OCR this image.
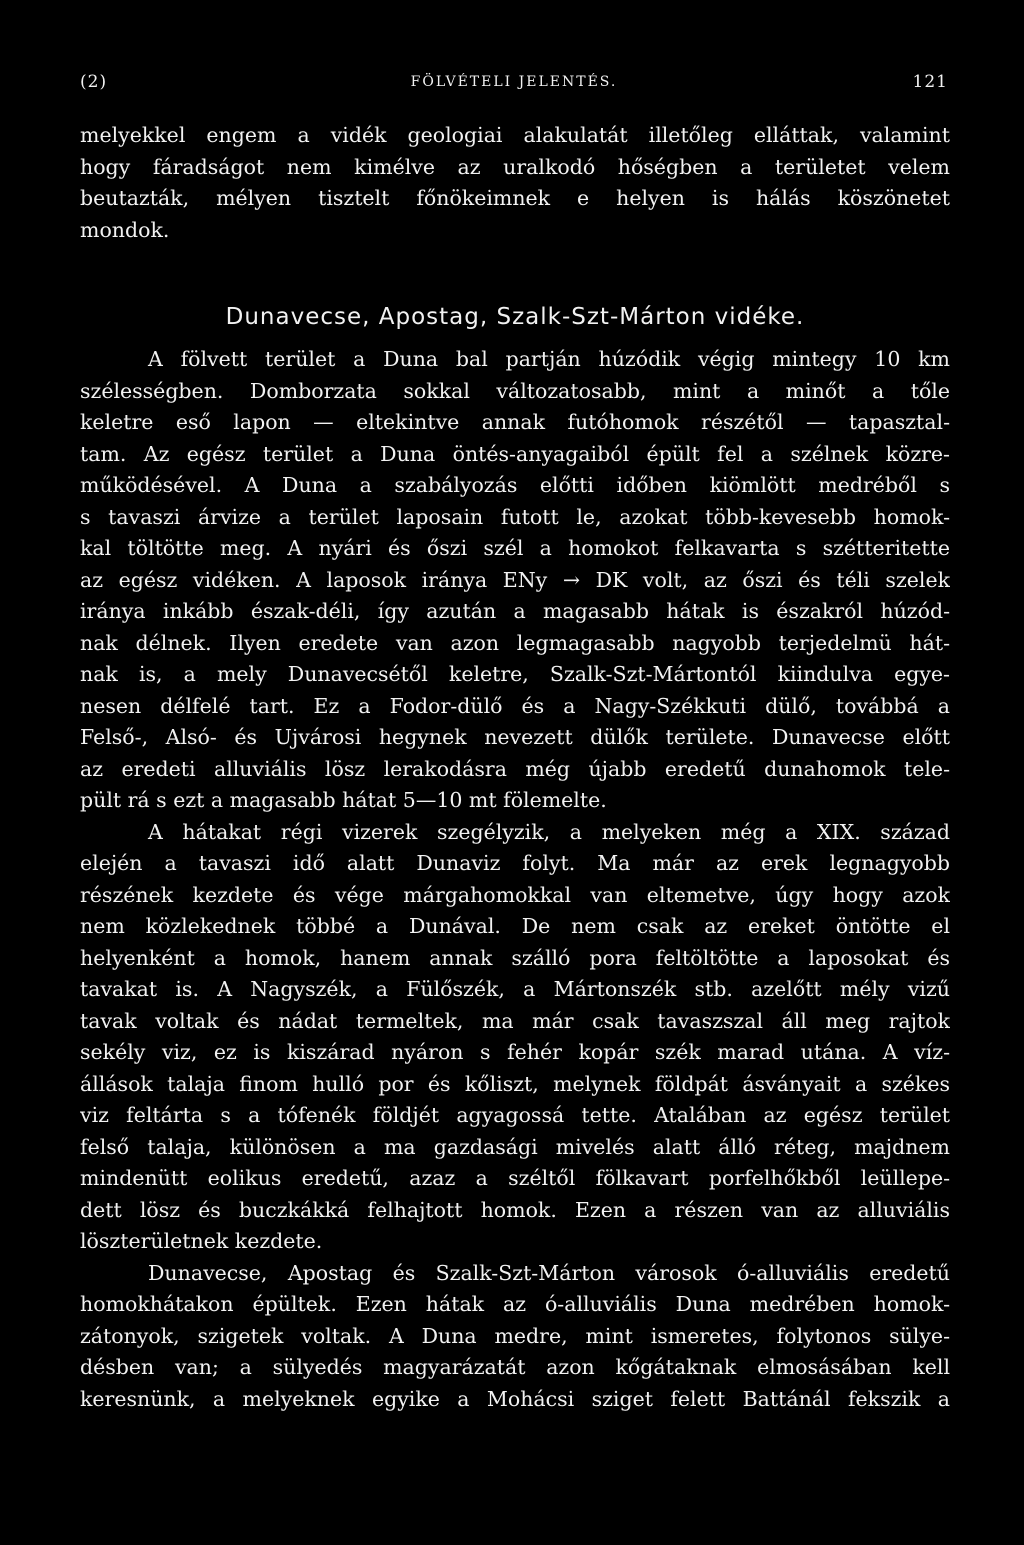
(2)	FÖLVÉTELI JELENTÉS.	121
melyekkel engem a vidék geologiai alakulatát illetőleg elláttak, valamint
hogy fáradságot nem kimélve az uralkodó hőségben a területet velem
beutazták, mélyen tisztelt főnökeimnek e helyen is hálás köszönetet
mondok.
Dunavecse, Apostag, Szalk-Szt-Márton vidéke.
A fölvett terület a Duna bal partján húzódik végig mintegy 10 km
szélességben. Domborzata sokkal változatosabb, mint a minőt a tőle
keletre eső lapon — eltekintve annak futóhomok részétől — tapasztal-
tam. Az egész terület a Duna öntés-anyagaiból épült fel a szélnek közre-
működésével. A Duna a szabályozás előtti időben kiömlött medréből s
s tavaszi árvize a terület laposain futott le, azokat több-kevesebb homok-
kal töltötte meg. A nyári és őszi szél a homokot felkavarta s szétteritette
az egész vidéken. A laposok iránya ENy → DK volt, az őszi és téli szelek
iránya inkább észak-déli, így azután a magasabb hátak is északról húzód-
nak délnek. Ilyen eredete van azon legmagasabb nagyobb terjedelmü hát-
nak is, a mely Dunavecsétől keletre, Szalk-Szt-Mártontól kiindulva egye-
nesen délfelé tart. Ez a Fodor-dülő és a Nagy-Székkuti dülő, továbbá a
Felső-, Alsó- és Ujvárosi hegynek nevezett dülők területe. Dunavecse előtt
az eredeti alluviális lösz lerakodásra még újabb eredetű dunahomok tele-
pült rá s ezt a magasabb hátat 5—10 mt fölemelte.
A hátakat régi vizerek szegélyzik, a melyeken még a XIX. század
elején a tavaszi idő alatt Dunaviz folyt. Ma már az erek legnagyobb
részének kezdete és vége márgahomokkal van eltemetve, úgy hogy azok
nem közlekednek többé a Dunával. De nem csak az ereket öntötte el
helyenként a homok, hanem annak szálló pora feltöltötte a laposokat és
tavakat is. A Nagyszék, a Fülőszék, a Mártonszék stb. azelőtt mély vizű
tavak voltak és nádat termeltek, ma már csak tavaszszal áll meg rajtok
sekély viz, ez is kiszárad nyáron s fehér kopár szék marad utána. A víz-
állások talaja finom hulló por és kőliszt, melynek földpát ásványait a székes
viz feltárta s a tófenék földjét agyagossá tette. Atalában az egész terület
felső talaja, különösen a ma gazdasági mivelés alatt álló réteg, majdnem
mindenütt eolikus eredetű, azaz a széltől fölkavart porfelhőkből leüllepe-
dett lösz és buczkákká felhajtott homok. Ezen a részen van az alluviális
löszterületnek kezdete.
Dunavecse, Apostag és Szalk-Szt-Márton városok ó-alluviális eredetű
homokhátakon épültek. Ezen hátak az ó-alluviális Duna medrében homok-
zátonyok, szigetek voltak. A Duna medre, mint ismeretes, folytonos sülye-
désben van; a sülyedés magyarázatát azon kőgátaknak elmosásában kell
keresnünk, a melyeknek egyike a Mohácsi sziget felett Battánál fekszik a
